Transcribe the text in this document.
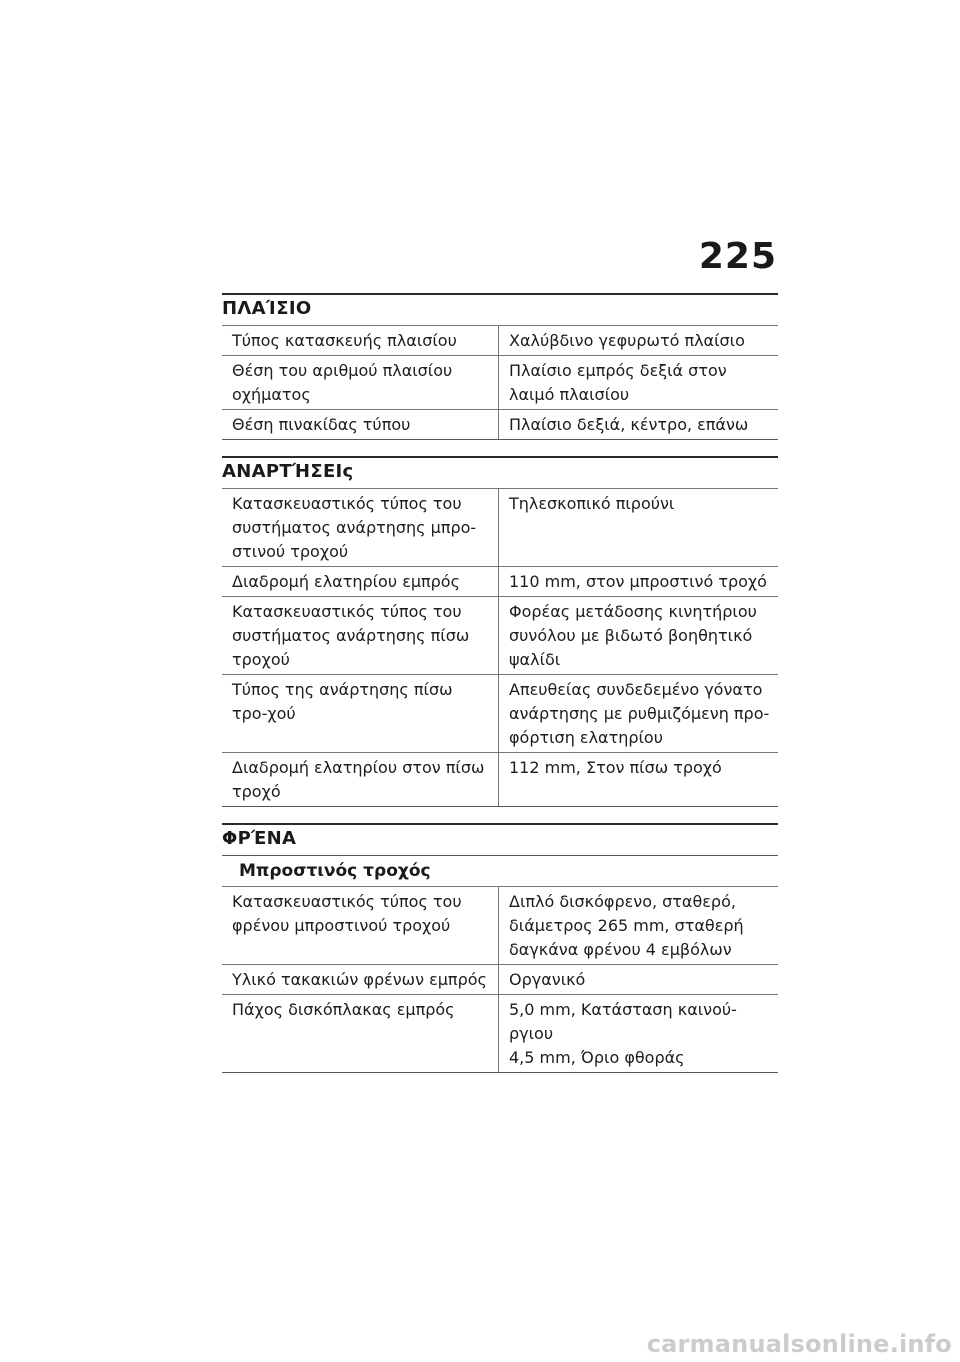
225
ΠΛΑΊΣΙΟ
Τύπος κατασκευής πλαισίου	Χαλύβδινο γεφυρωτό πλαίσιο

Θέση του αριθμού πλαισίου οχήματος	Πλαίσιο εμπρός δεξιά στον λαιμό πλαισίου

Θέση πινακίδας τύπου	Πλαίσιο δεξιά, κέντρο, επάνω
ΑΝΑΡΤΉΣΕΙς
Κατασκευαστικός τύπος του συστήματος ανάρτησης μπρο-στινού τροχού	Τηλεσκοπικό πιρούνι

Διαδρομή ελατηρίου εμπρός	110 mm, στον μπροστινό τροχό

Κατασκευαστικός τύπος του συστήματος ανάρτησης πίσω τροχού	Φορέας μετάδοσης κινητήριου συνόλου με βιδωτό βοηθητικό ψαλίδι

Τύπος της ανάρτησης πίσω τρο-χού	Απευθείας συνδεδεμένο γόνατο ανάρτησης με ρυθμιζόμενη προ-φόρτιση ελατηρίου

Διαδρομή ελατηρίου στον πίσω τροχό	112 mm, Στον πίσω τροχό
ΦΡΈΝΑ
Μπροστινός τροχός
Κατασκευαστικός τύπος του φρένου μπροστινού τροχού	Διπλό δισκόφρενο, σταθερό, διάμετρος 265 mm, σταθερή δαγκάνα φρένου 4 εμβόλων

Υλικό τακακιών φρένων εμπρός	Οργανικό

Πάχος δισκόπλακας εμπρός	5,0 mm, Κατάσταση καινού-ργιου
4,5 mm, Όριο φθοράς
carmanualsonline.info
